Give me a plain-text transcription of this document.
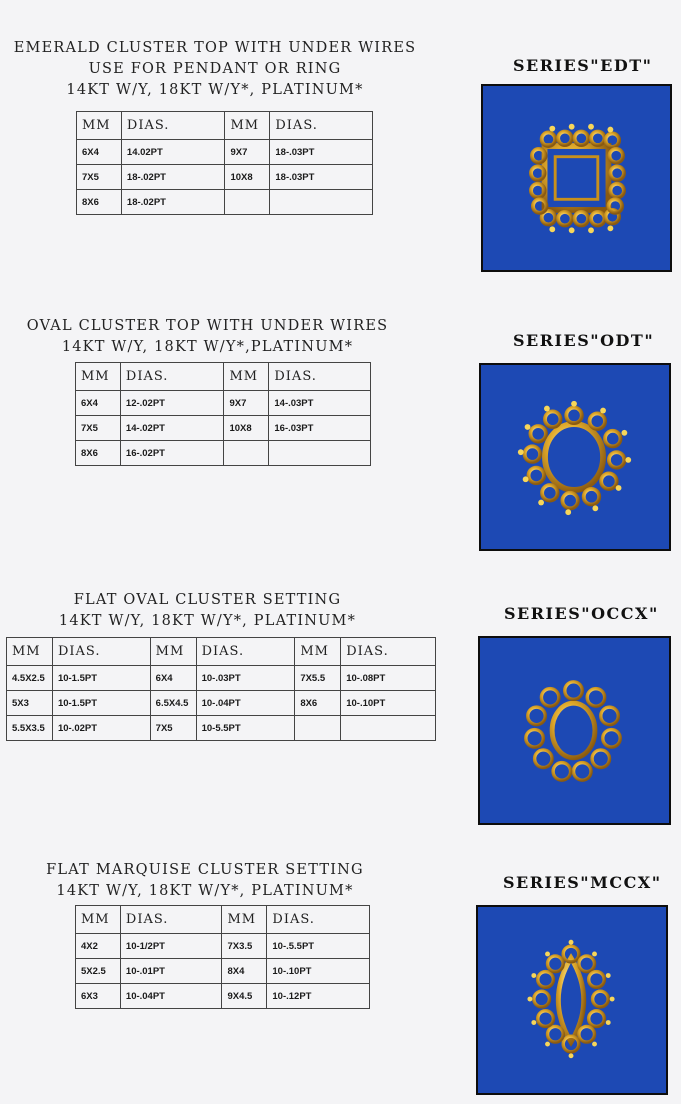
EMERALD CLUSTER TOP WITH UNDER WIRES
USE FOR PENDANT OR RING
14KT W/Y, 18KT W/Y*, PLATINUM*
MM	DIAS.	MM	DIAS.
6X4	14.02PT	9X7	18-.03PT
7X5	18-.02PT	10X8	18-.03PT
8X6	18-.02PT		
SERIES"EDT"
OVAL CLUSTER TOP WITH UNDER WIRES
14KT W/Y, 18KT W/Y*,PLATINUM*
MM	DIAS.	MM	DIAS.
6X4	12-.02PT	9X7	14-.03PT
7X5	14-.02PT	10X8	16-.03PT
8X6	16-.02PT		
SERIES"ODT"
FLAT OVAL CLUSTER SETTING
14KT W/Y, 18KT W/Y*, PLATINUM*
MM	DIAS.	MM	DIAS.	MM	DIAS.
4.5X2.5	10-1.5PT	6X4	10-.03PT	7X5.5	10-.08PT
5X3	10-1.5PT	6.5X4.5	10-.04PT	8X6	10-.10PT
5.5X3.5	10-.02PT	7X5	10-5.5PT		
SERIES"OCCX"
FLAT MARQUISE CLUSTER SETTING
14KT W/Y, 18KT W/Y*, PLATINUM*
MM	DIAS.	MM	DIAS.
4X2	10-1/2PT	7X3.5	10-.5.5PT
5X2.5	10-.01PT	8X4	10-.10PT
6X3	10-.04PT	9X4.5	10-.12PT
SERIES"MCCX"
